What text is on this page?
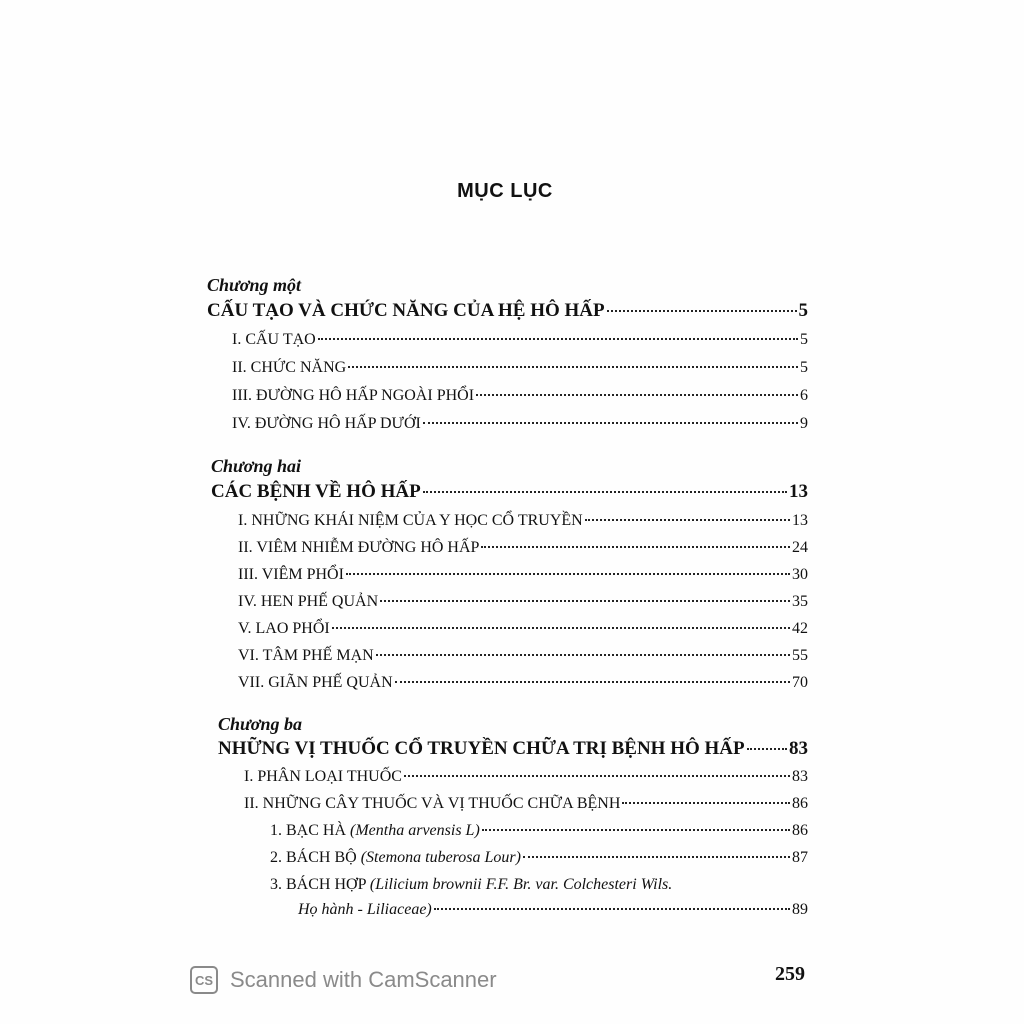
MỤC LỤC
Chương một
CẤU TẠO VÀ CHỨC NĂNG CỦA HỆ HÔ HẤP	5
I. CẤU TẠO	5
II. CHỨC NĂNG	5
III. ĐƯỜNG HÔ HẤP NGOÀI PHỔI	6
IV. ĐƯỜNG HÔ HẤP DƯỚI	9
Chương hai
CÁC BỆNH VỀ HÔ HẤP	13
I. NHỮNG KHÁI NIỆM CỦA Y HỌC CỔ TRUYỀN	13
II. VIÊM NHIỄM ĐƯỜNG HÔ HẤP	24
III. VIÊM PHỔI	30
IV. HEN PHẾ QUẢN	35
V. LAO PHỔI	42
VI. TÂM PHẾ MẠN	55
VII. GIÃN PHẾ QUẢN	70
Chương ba
NHỮNG VỊ THUỐC CỔ TRUYỀN CHỮA TRỊ BỆNH HÔ HẤP 83
I. PHÂN LOẠI THUỐC	83
II. NHỮNG CÂY THUỐC VÀ VỊ THUỐC CHỮA BỆNH	86
1. BẠC HÀ (Mentha arvensis L)	86
2. BÁCH BỘ (Stemona tuberosa Lour)	87
3. BÁCH HỢP (Lilicium brownii F.F. Br. var. Colchesteri Wils.
Họ hành - Liliaceae)	89
CS Scanned with CamScanner	259
